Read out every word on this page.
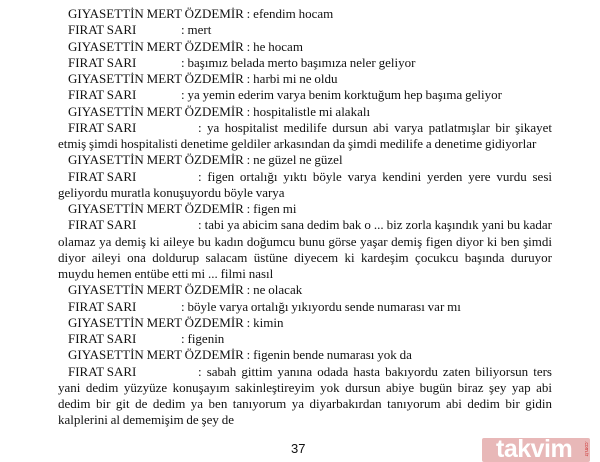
GIYASETTİN MERT ÖZDEMİR : efendim hocam

FIRAT SARI	: mert

GIYASETTİN MERT ÖZDEMİR : he hocam

FIRAT SARI	: başımız belada merto başımıza neler geliyor

GIYASETTİN MERT ÖZDEMİR : harbi mi ne oldu

FIRAT SARI	: ya yemin ederim varya benim korktuğum hep başıma geliyor

GIYASETTİN MERT ÖZDEMİR : hospitalistle mi alakalı

FIRAT SARI	: ya hospitalist medilife dursun abi varya patlatmışlar bir şikayet etmiş şimdi hospitalisti denetime geldiler arkasından da şimdi medilife a denetime gidiyorlar

GIYASETTİN MERT ÖZDEMİR : ne güzel ne güzel

FIRAT SARI	: figen ortalığı yıktı böyle varya kendini yerden yere vurdu sesi geliyordu muratla konuşuyordu böyle varya

GIYASETTİN MERT ÖZDEMİR : figen mi

FIRAT SARI	: tabi ya abicim sana dedim bak o ... biz zorla kaşındık yani bu kadar olamaz ya demiş ki aileye bu kadın doğumcu bunu görse yaşar demiş figen diyor ki ben şimdi diyor aileyi ona doldurup salacam üstüne diyecem ki kardeşim çocukcu başında duruyor muydu hemen entübe etti mi ... filmi nasıl

GIYASETTİN MERT ÖZDEMİR : ne olacak

FIRAT SARI	: böyle varya ortalığı yıkıyordu sende numarası var mı

GIYASETTİN MERT ÖZDEMİR : kimin

FIRAT SARI	: figenin

GIYASETTİN MERT ÖZDEMİR : figenin bende numarası yok da

FIRAT SARI	: sabah gittim yanına odada hasta bakıyordu zaten biliyorsun ters yani dedim yüzyüze konuşayım sakinleştireyim yok dursun abiye bugün biraz şey yap abi dedim bir git de dedim ya ben tanıyorum ya diyarbakırdan tanıyorum abi dedim bir gidin kalplerini al dememişim de şey de

37	takvim .com.tr
